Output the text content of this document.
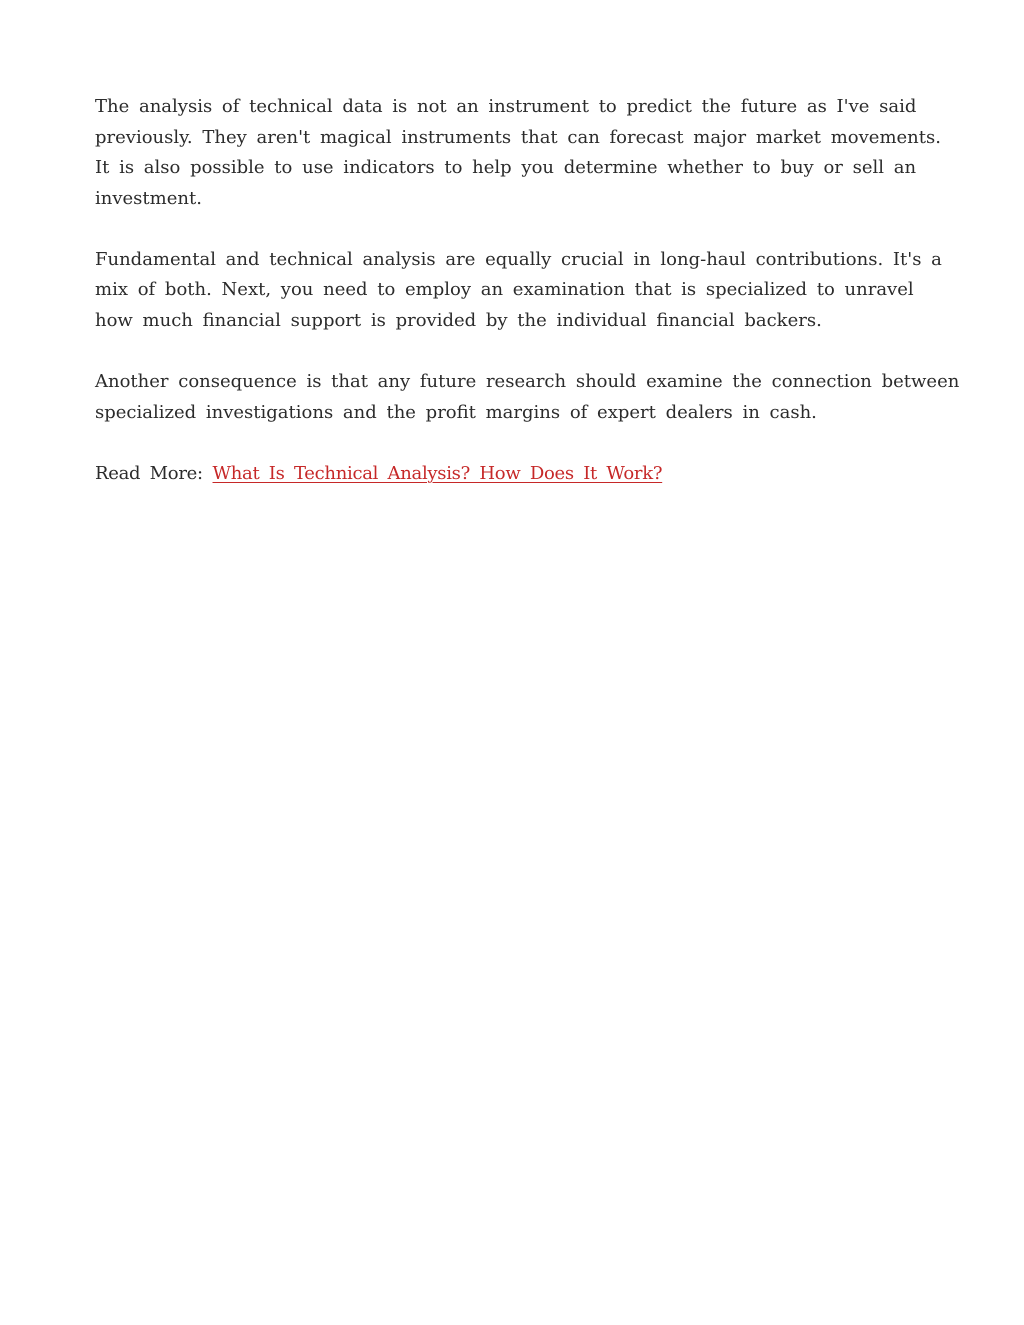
The analysis of technical data is not an instrument to predict the future as I've said
previously. They aren't magical instruments that can forecast major market movements.
It is also possible to use indicators to help you determine whether to buy or sell an
investment.

Fundamental and technical analysis are equally crucial in long-haul contributions. It's a
mix of both. Next, you need to employ an examination that is specialized to unravel
how much financial support is provided by the individual financial backers.

Another consequence is that any future research should examine the connection between
specialized investigations and the profit margins of expert dealers in cash.

Read More: What Is Technical Analysis? How Does It Work?
